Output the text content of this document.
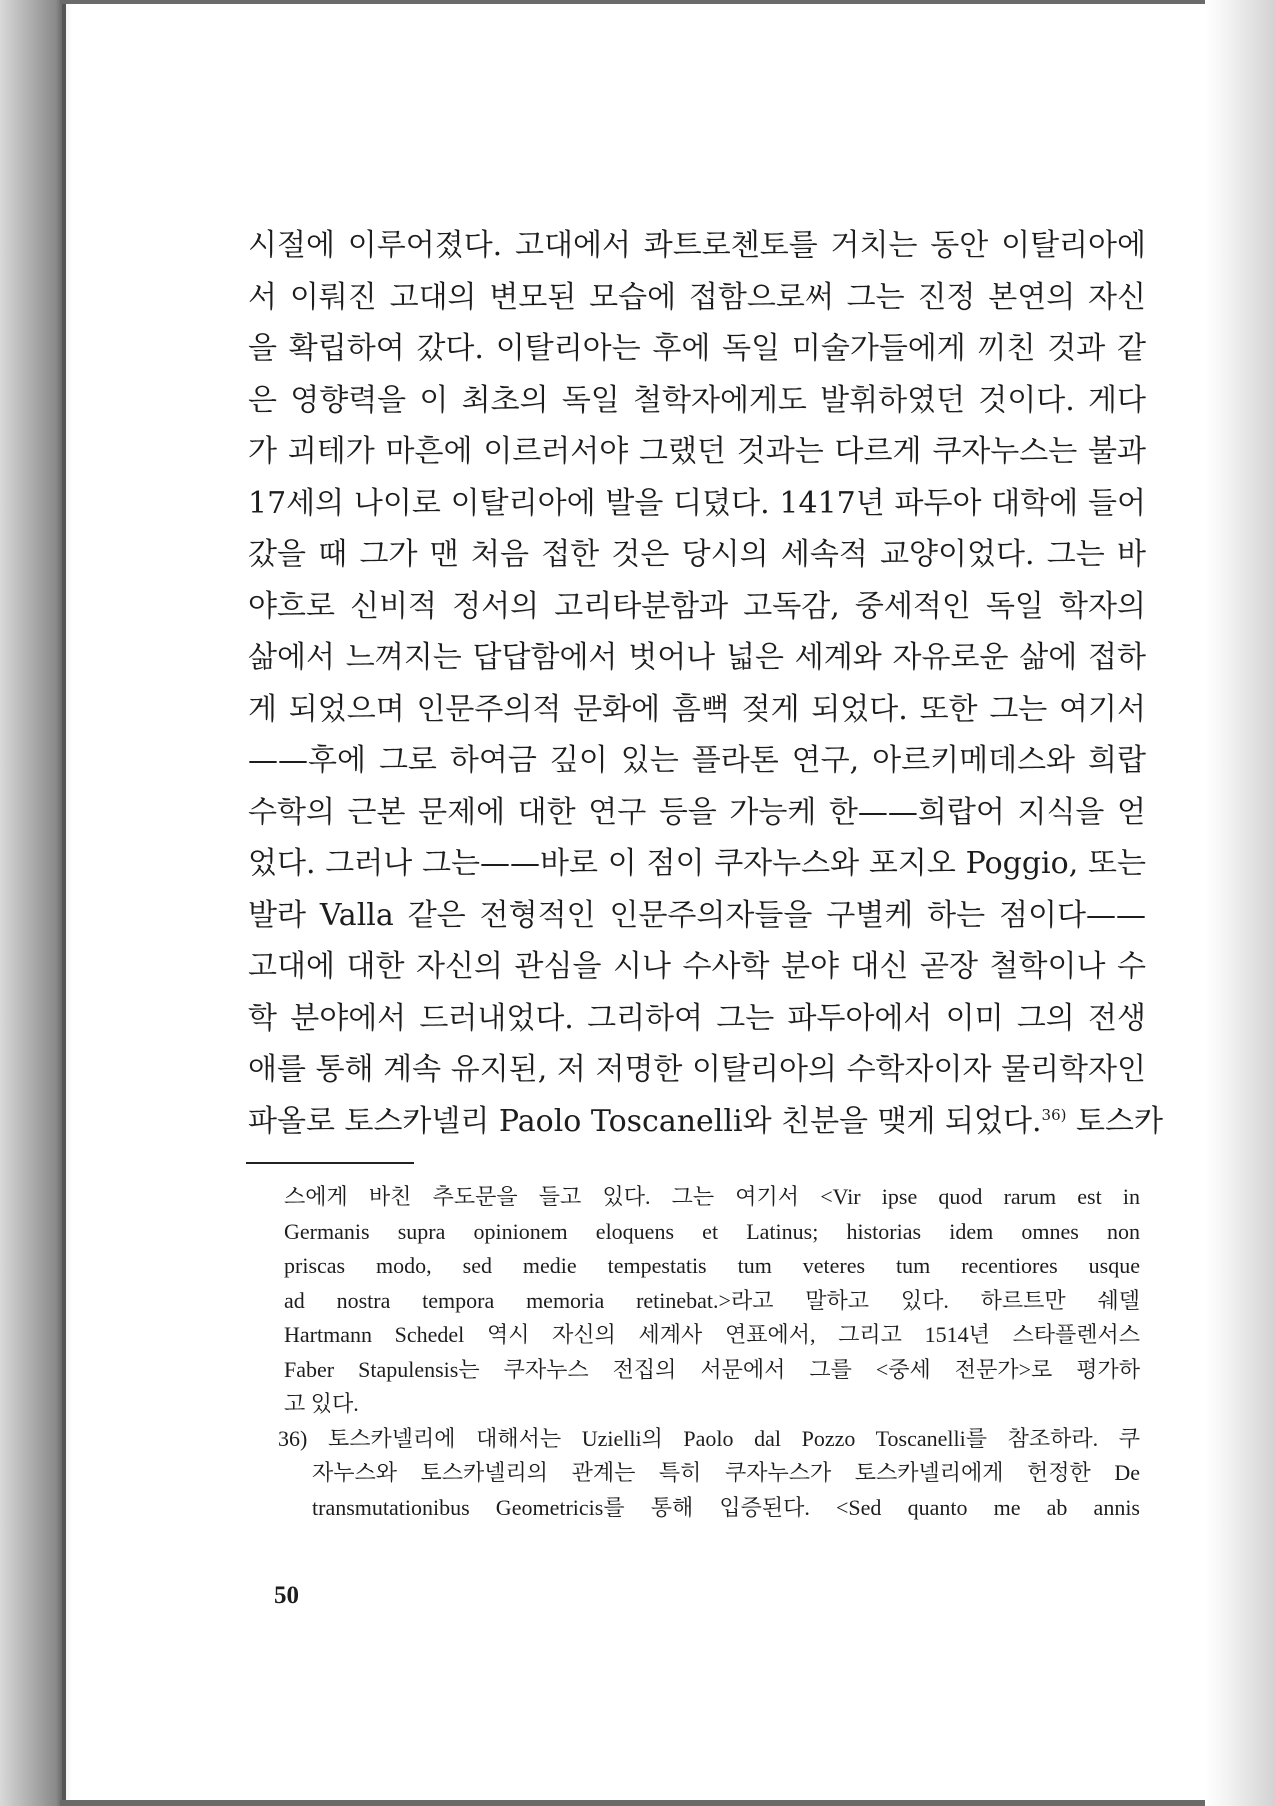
시절에 이루어졌다. 고대에서 콰트로첸토를 거치는 동안 이탈리아에
서 이뤄진 고대의 변모된 모습에 접함으로써 그는 진정 본연의 자신
을 확립하여 갔다. 이탈리아는 후에 독일 미술가들에게 끼친 것과 같
은 영향력을 이 최초의 독일 철학자에게도 발휘하였던 것이다. 게다
가 괴테가 마흔에 이르러서야 그랬던 것과는 다르게 쿠자누스는 불과
17세의 나이로 이탈리아에 발을 디뎠다. 1417년 파두아 대학에 들어
갔을 때 그가 맨 처음 접한 것은 당시의 세속적 교양이었다. 그는 바
야흐로 신비적 정서의 고리타분함과 고독감, 중세적인 독일 학자의
삶에서 느껴지는 답답함에서 벗어나 넓은 세계와 자유로운 삶에 접하
게 되었으며 인문주의적 문화에 흠뻑 젖게 되었다. 또한 그는 여기서
——후에 그로 하여금 깊이 있는 플라톤 연구, 아르키메데스와 희랍
수학의 근본 문제에 대한 연구 등을 가능케 한——희랍어 지식을 얻
었다. 그러나 그는——바로 이 점이 쿠자누스와 포지오 Poggio, 또는
발라 Valla 같은 전형적인 인문주의자들을 구별케 하는 점이다——
고대에 대한 자신의 관심을 시나 수사학 분야 대신 곧장 철학이나 수
학 분야에서 드러내었다. 그리하여 그는 파두아에서 이미 그의 전생
애를 통해 계속 유지된, 저 저명한 이탈리아의 수학자이자 물리학자인
파올로 토스카넬리 Paolo Toscanelli와 친분을 맺게 되었다.$^{36)}$ 토스카
스에게 바친 추도문을 들고 있다. 그는 여기서 <Vir ipse quod rarum est in
Germanis supra opinionem eloquens et Latinus; historias idem omnes non
priscas modo, sed medie tempestatis tum veteres tum recentiores usque
ad nostra tempora memoria retinebat.>라고 말하고 있다. 하르트만 쉐델
Hartmann Schedel 역시 자신의 세계사 연표에서, 그리고 1514년 스타플렌서스
Faber Stapulensis는 쿠자누스 전집의 서문에서 그를 <중세 전문가>로 평가하
고 있다.
36) 토스카넬리에 대해서는 Uzielli의 Paolo dal Pozzo Toscanelli를 참조하라. 쿠
자누스와 토스카넬리의 관계는 특히 쿠자누스가 토스카넬리에게 헌정한 De
transmutationibus Geometricis를 통해 입증된다. <Sed quanto me ab annis
50
